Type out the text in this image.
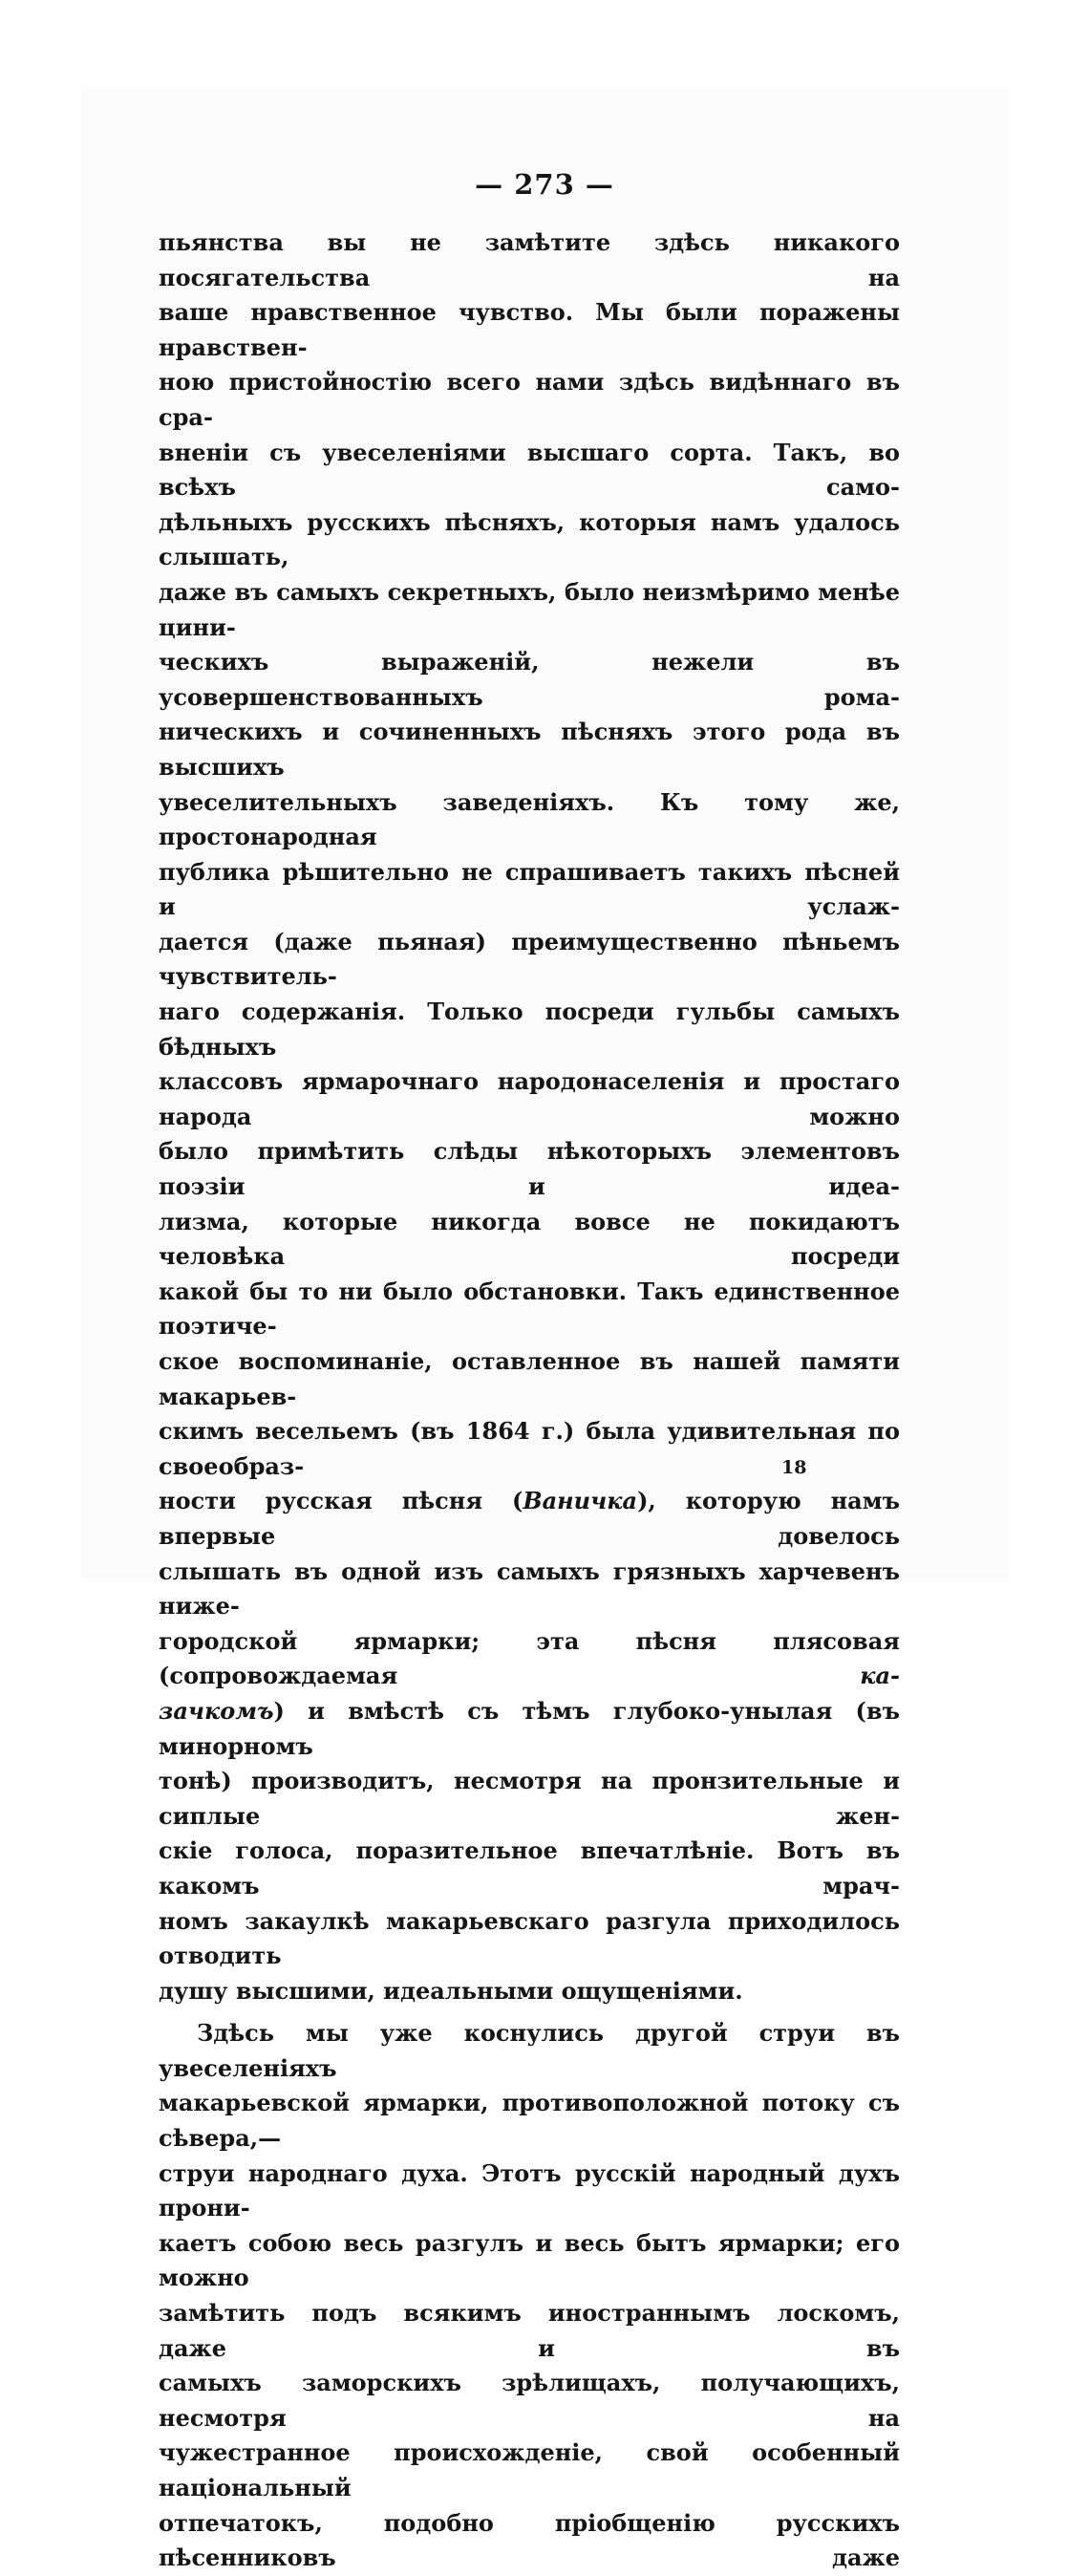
— 273 —

пьянства вы не замѣтите здѣсь никакого посягательства на

ваше нравственное чувство. Мы были поражены нравствен-

ною пристойностію всего нами здѣсь видѣннаго въ сра-

вненіи съ увеселеніями высшаго сорта. Такъ, во всѣхъ само-

дѣльныхъ русскихъ пѣсняхъ, которыя намъ удалось слышать,

даже въ самыхъ секретныхъ, было неизмѣримо менѣе цини-

ческихъ выраженій, нежели въ усовершенствованныхъ рома-

ническихъ и сочиненныхъ пѣсняхъ этого рода въ высшихъ

увеселительныхъ заведеніяхъ. Къ тому же, простонародная

публика рѣшительно не спрашиваетъ такихъ пѣсней и услаж-

дается (даже пьяная) преимущественно пѣньемъ чувствитель-

наго содержанія. Только посреди гульбы самыхъ бѣдныхъ

классовъ ярмарочнаго народонаселенія и простаго народа можно

было примѣтить слѣды нѣкоторыхъ элементовъ поэзіи и идеа-

лизма, которые никогда вовсе не покидаютъ человѣка посреди

какой бы то ни было обстановки. Такъ единственное поэтиче-

ское воспоминаніе, оставленное въ нашей памяти макарьев-

скимъ весельемъ (въ 1864 г.) была удивительная по своеобраз-

ности русская пѣсня (Ваничка), которую намъ впервые довелось

слышать въ одной изъ самыхъ грязныхъ харчевенъ ниже-

городской ярмарки; эта пѣсня плясовая (сопровождаемая ка-

зачкомъ) и вмѣстѣ съ тѣмъ глубоко-унылая (въ минорномъ

тонѣ) производитъ, несмотря на пронзительные и сиплые жен-

скіе голоса, поразительное впечатлѣніе. Вотъ въ какомъ мрач-

номъ закаулкѣ макарьевскаго разгула приходилось отводить

душу высшими, идеальными ощущеніями.

Здѣсь мы уже коснулись другой струи въ увеселеніяхъ

макарьевской ярмарки, противоположной потоку съ сѣвера,—

струи народнаго духа. Этотъ русскій народный духъ прони-

каетъ собою весь разгулъ и весь бытъ ярмарки; его можно

замѣтить подъ всякимъ иностраннымъ лоскомъ, даже и въ

самыхъ заморскихъ зрѣлищахъ, получающихъ, несмотря на

чужестранное происхожденіе, свой особенный національный

отпечатокъ, подобно пріобщенію русскихъ пѣсенниковъ даже

18
